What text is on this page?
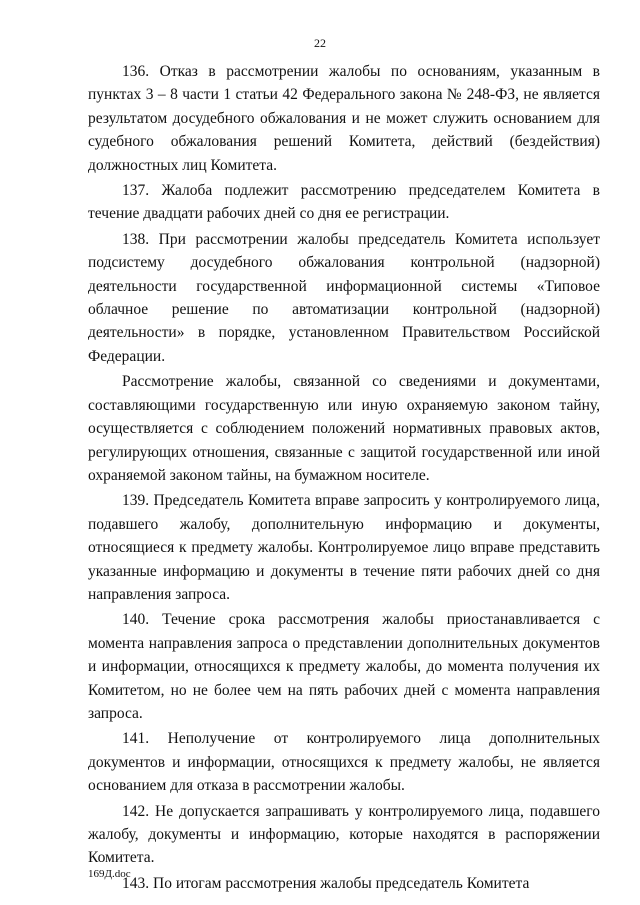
22

136. Отказ в рассмотрении жалобы по основаниям, указанным в пунктах 3 – 8 части 1 статьи 42 Федерального закона № 248-ФЗ, не является результатом досудебного обжалования и не может служить основанием для судебного обжалования решений Комитета, действий (бездействия) должностных лиц Комитета.

137. Жалоба подлежит рассмотрению председателем Комитета в течение двадцати рабочих дней со дня ее регистрации.

138. При рассмотрении жалобы председатель Комитета использует подсистему досудебного обжалования контрольной (надзорной) деятельности государственной информационной системы «Типовое облачное решение по автоматизации контрольной (надзорной) деятельности» в порядке, установленном Правительством Российской Федерации.

Рассмотрение жалобы, связанной со сведениями и документами, составляющими государственную или иную охраняемую законом тайну, осуществляется с соблюдением положений нормативных правовых актов, регулирующих отношения, связанные с защитой государственной или иной охраняемой законом тайны, на бумажном носителе.

139. Председатель Комитета вправе запросить у контролируемого лица, подавшего жалобу, дополнительную информацию и документы, относящиеся к предмету жалобы. Контролируемое лицо вправе представить указанные информацию и документы в течение пяти рабочих дней со дня направления запроса.

140. Течение срока рассмотрения жалобы приостанавливается с момента направления запроса о представлении дополнительных документов и информации, относящихся к предмету жалобы, до момента получения их Комитетом, но не более чем на пять рабочих дней с момента направления запроса.

141. Неполучение от контролируемого лица дополнительных документов и информации, относящихся к предмету жалобы, не является основанием для отказа в рассмотрении жалобы.

142. Не допускается запрашивать у контролируемого лица, подавшего жалобу, документы и информацию, которые находятся в распоряжении Комитета.

143. По итогам рассмотрения жалобы председатель Комитета

169Д.doc
